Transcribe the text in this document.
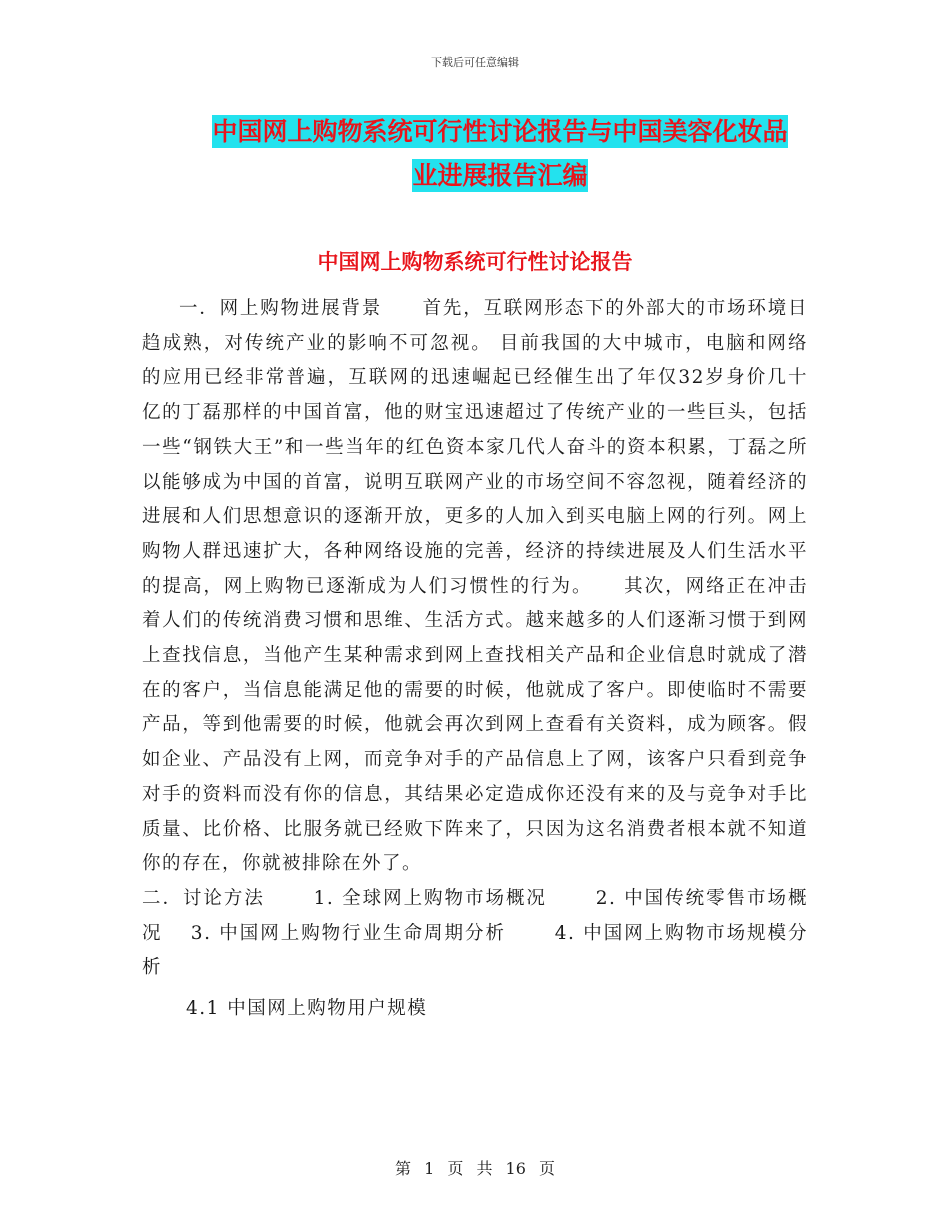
下载后可任意编辑
中国网上购物系统可行性讨论报告与中国美容化妆品
业进展报告汇编
中国网上购物系统可行性讨论报告

一．网上购物进展背景　　首先，互联网形态下的外部大的市场环境日趋成熟，对传统产业的影响不可忽视。 目前我国的大中城市，电脑和网络的应用已经非常普遍，互联网的迅速崛起已经催生出了年仅32岁身价几十亿的丁磊那样的中国首富，他的财宝迅速超过了传统产业的一些巨头，包括一些“钢铁大王”和一些当年的红色资本家几代人奋斗的资本积累，丁磊之所以能够成为中国的首富，说明互联网产业的市场空间不容忽视，随着经济的进展和人们思想意识的逐渐开放，更多的人加入到买电脑上网的行列。网上购物人群迅速扩大，各种网络设施的完善，经济的持续进展及人们生活水平的提高，网上购物已逐渐成为人们习惯性的行为。　　其次，网络正在冲击着人们的传统消费习惯和思维、生活方式。越来越多的人们逐渐习惯于到网上查找信息，当他产生某种需求到网上查找相关产品和企业信息时就成了潜在的客户，当信息能满足他的需要的时候，他就成了客户。即使临时不需要产品，等到他需要的时候，他就会再次到网上查看有关资料，成为顾客。假如企业、产品没有上网，而竞争对手的产品信息上了网，该客户只看到竞争对手的资料而没有你的信息，其结果必定造成你还没有来的及与竞争对手比质量、比价格、比服务就已经败下阵来了，只因为这名消费者根本就不知道你的存在，你就被排除在外了。

二．讨论方法　　 1. 全球网上购物市场概况　　 2. 中国传统零售市场概况　 3. 中国网上购物行业生命周期分析　　 4. 中国网上购物市场规模分析

4.1 中国网上购物用户规模

第 1 页 共 16 页
